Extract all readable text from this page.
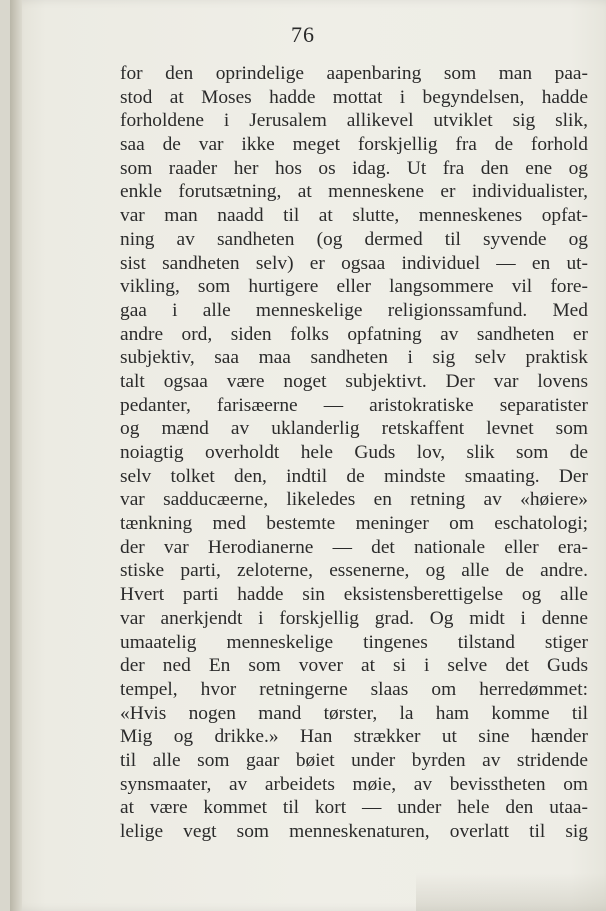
76
for den oprindelige aapenbaring som man paa-
stod at Moses hadde mottat i begyndelsen, hadde
forholdene i Jerusalem allikevel utviklet sig slik,
saa de var ikke meget forskjellig fra de forhold
som raader her hos os idag. Ut fra den ene og
enkle forutsætning, at menneskene er individualister,
var man naadd til at slutte, menneskenes opfat-
ning av sandheten (og dermed til syvende og
sist sandheten selv) er ogsaa individuel — en ut-
vikling, som hurtigere eller langsommere vil fore-
gaa i alle menneskelige religionssamfund. Med
andre ord, siden folks opfatning av sandheten er
subjektiv, saa maa sandheten i sig selv praktisk
talt ogsaa være noget subjektivt. Der var lovens
pedanter, farisæerne — aristokratiske separatister
og mænd av uklanderlig retskaffent levnet som
noiagtig overholdt hele Guds lov, slik som de
selv tolket den, indtil de mindste smaating. Der
var sadducæerne, likeledes en retning av «høiere»
tænkning med bestemte meninger om eschatologi;
der var Herodianerne — det nationale eller era-
stiske parti, zeloterne, essenerne, og alle de andre.
Hvert parti hadde sin eksistensberettigelse og alle
var anerkjendt i forskjellig grad. Og midt i denne
umaatelig menneskelige tingenes tilstand stiger
der ned En som vover at si i selve det Guds
tempel, hvor retningerne slaas om herredømmet:
«Hvis nogen mand tørster, la ham komme til
Mig og drikke.» Han strækker ut sine hænder
til alle som gaar bøiet under byrden av stridende
synsmaater, av arbeidets møie, av bevisstheten om
at være kommet til kort — under hele den utaa-
lelige vegt som menneskenaturen, overlatt til sig
